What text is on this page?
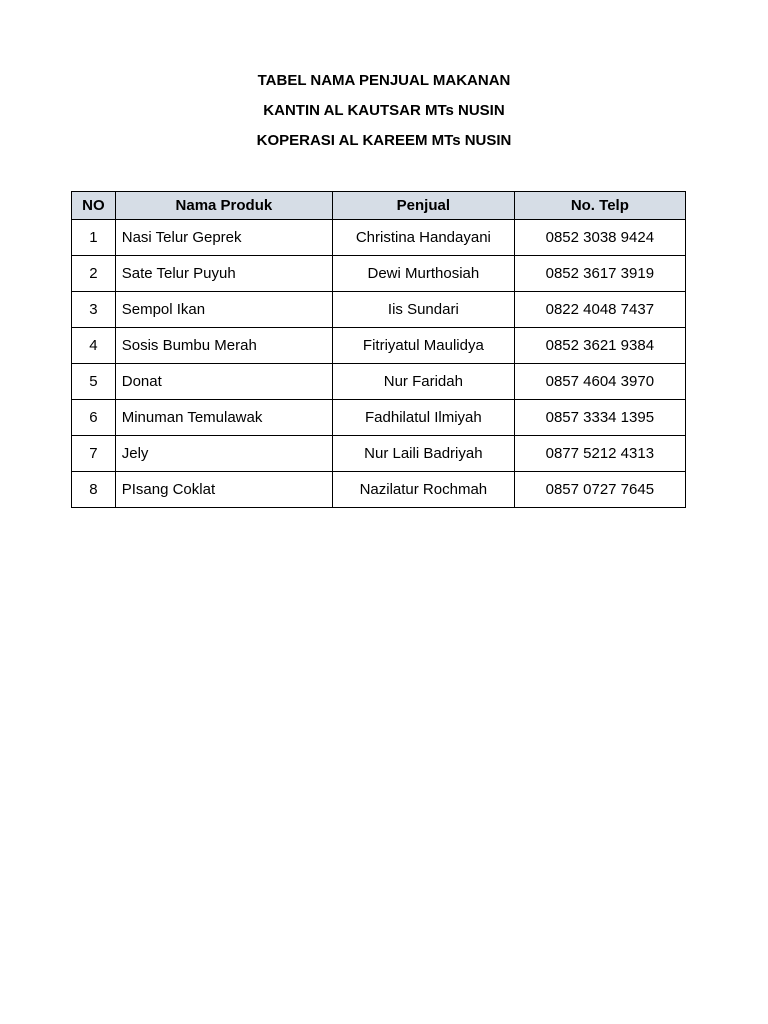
TABEL NAMA PENJUAL MAKANAN
KANTIN AL KAUTSAR MTs NUSIN
KOPERASI AL KAREEM MTs NUSIN
NO	Nama Produk	Penjual	No. Telp
1	Nasi Telur Geprek	Christina Handayani	0852 3038 9424
2	Sate Telur Puyuh	Dewi Murthosiah	0852 3617 3919
3	Sempol Ikan	Iis Sundari	0822 4048 7437
4	Sosis Bumbu Merah	Fitriyatul Maulidya	0852 3621 9384
5	Donat	Nur Faridah	0857 4604 3970
6	Minuman Temulawak	Fadhilatul Ilmiyah	0857 3334 1395
7	Jely	Nur Laili Badriyah	0877 5212 4313
8	PIsang Coklat	Nazilatur Rochmah	0857 0727 7645
